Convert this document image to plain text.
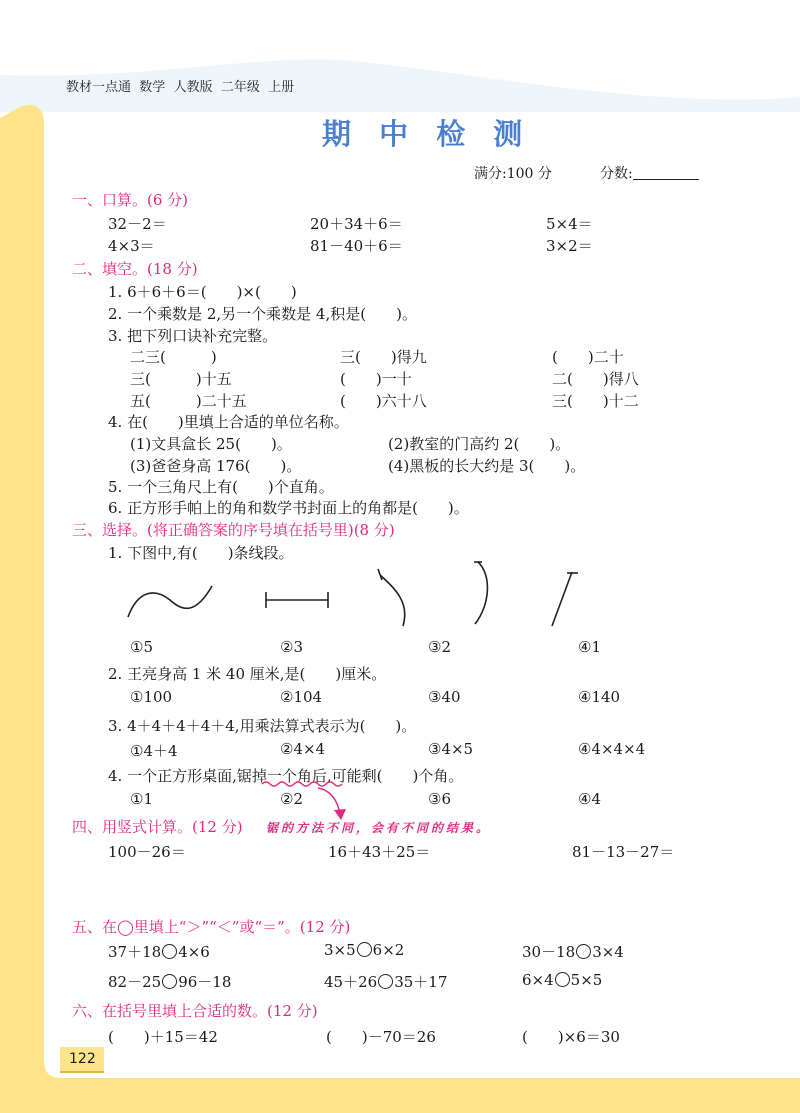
教材一点通 数学 人教版 二年级 上册
期 中 检 测
满分:100 分	分数:
一、口算。(6 分)
32－2＝	20＋34＋6＝	5×4＝
4×3＝	81－40＋6＝	3×2＝
二、填空。(18 分)
1. 6＋6＋6＝(　　)×(　　)
2. 一个乘数是 2,另一个乘数是 4,积是(　　)。
3. 把下列口诀补充完整。
二三(　　　)	三(　　)得九	(　　)二十
三(　　　)十五	(　　)一十	二(　　)得八
五(　　　)二十五	(　　)六十八	三(　　)十二
4. 在(　　)里填上合适的单位名称。
(1)文具盒长 25(　　)。	(2)教室的门高约 2(　　)。
(3)爸爸身高 176(　　)。	(4)黑板的长大约是 3(　　)。
5. 一个三角尺上有(　　)个直角。
6. 正方形手帕上的角和数学书封面上的角都是(　　)。
三、选择。(将正确答案的序号填在括号里)(8 分)
1. 下图中,有(　　)条线段。
①5	②3	③2	④1
2. 王亮身高 1 米 40 厘米,是(　　)厘米。
①100	②104	③40	④140
3. 4＋4＋4＋4＋4,用乘法算式表示为(　　)。
①4＋4	②4×4	③4×5	④4×4×4
4. 一个正方形桌面,锯掉一个角后,可能剩(　　)个角。
①1	②2	③6	④4
四、用竖式计算。(12 分) 锯的方法不同，会有不同的结果。
100－26＝	16＋43＋25＝	81－13－27＝
五、在◯里填上“＞”“＜”或“＝”。(12 分)
37＋18 4×6	3×5 6×2	30－18 3×4
82－25 96－18	45＋26 35＋17	6×4 5×5
六、在括号里填上合适的数。(12 分)
(　　)＋15＝42	(　　)－70＝26	(　　)×6＝30
122
